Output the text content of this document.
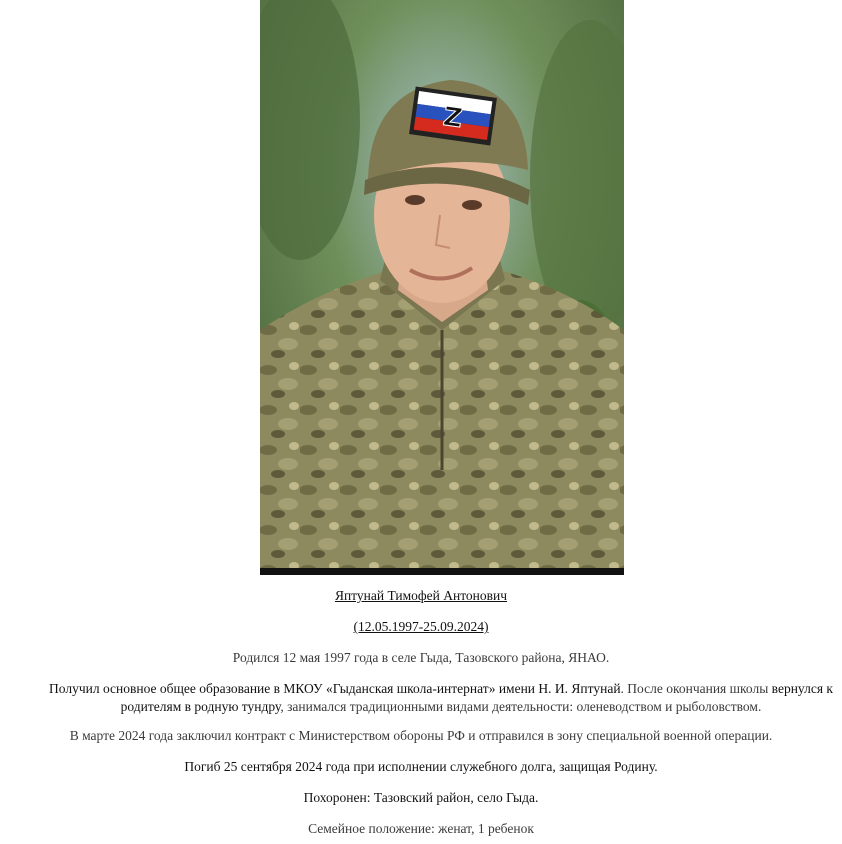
Z
Яптунай Тимофей Антонович
(12.05.1997-25.09.2024)
Родился 12 мая 1997 года в селе Гыда, Тазовского района, ЯНАО.
Получил основное общее образование в МКОУ «Гыданская школа-интернат» имени Н. И. Яптунай. После окончания школы вернулся к родителям в родную тундру, занимался традиционными видами деятельности: оленеводством и рыболовством.
В марте 2024 года заключил контракт с Министерством обороны РФ и отправился в зону специальной военной операции.
Погиб 25 сентября 2024 года при исполнении служебного долга, защищая Родину.
Похоронен: Тазовский район, село Гыда.
Семейное положение: женат, 1 ребенок
